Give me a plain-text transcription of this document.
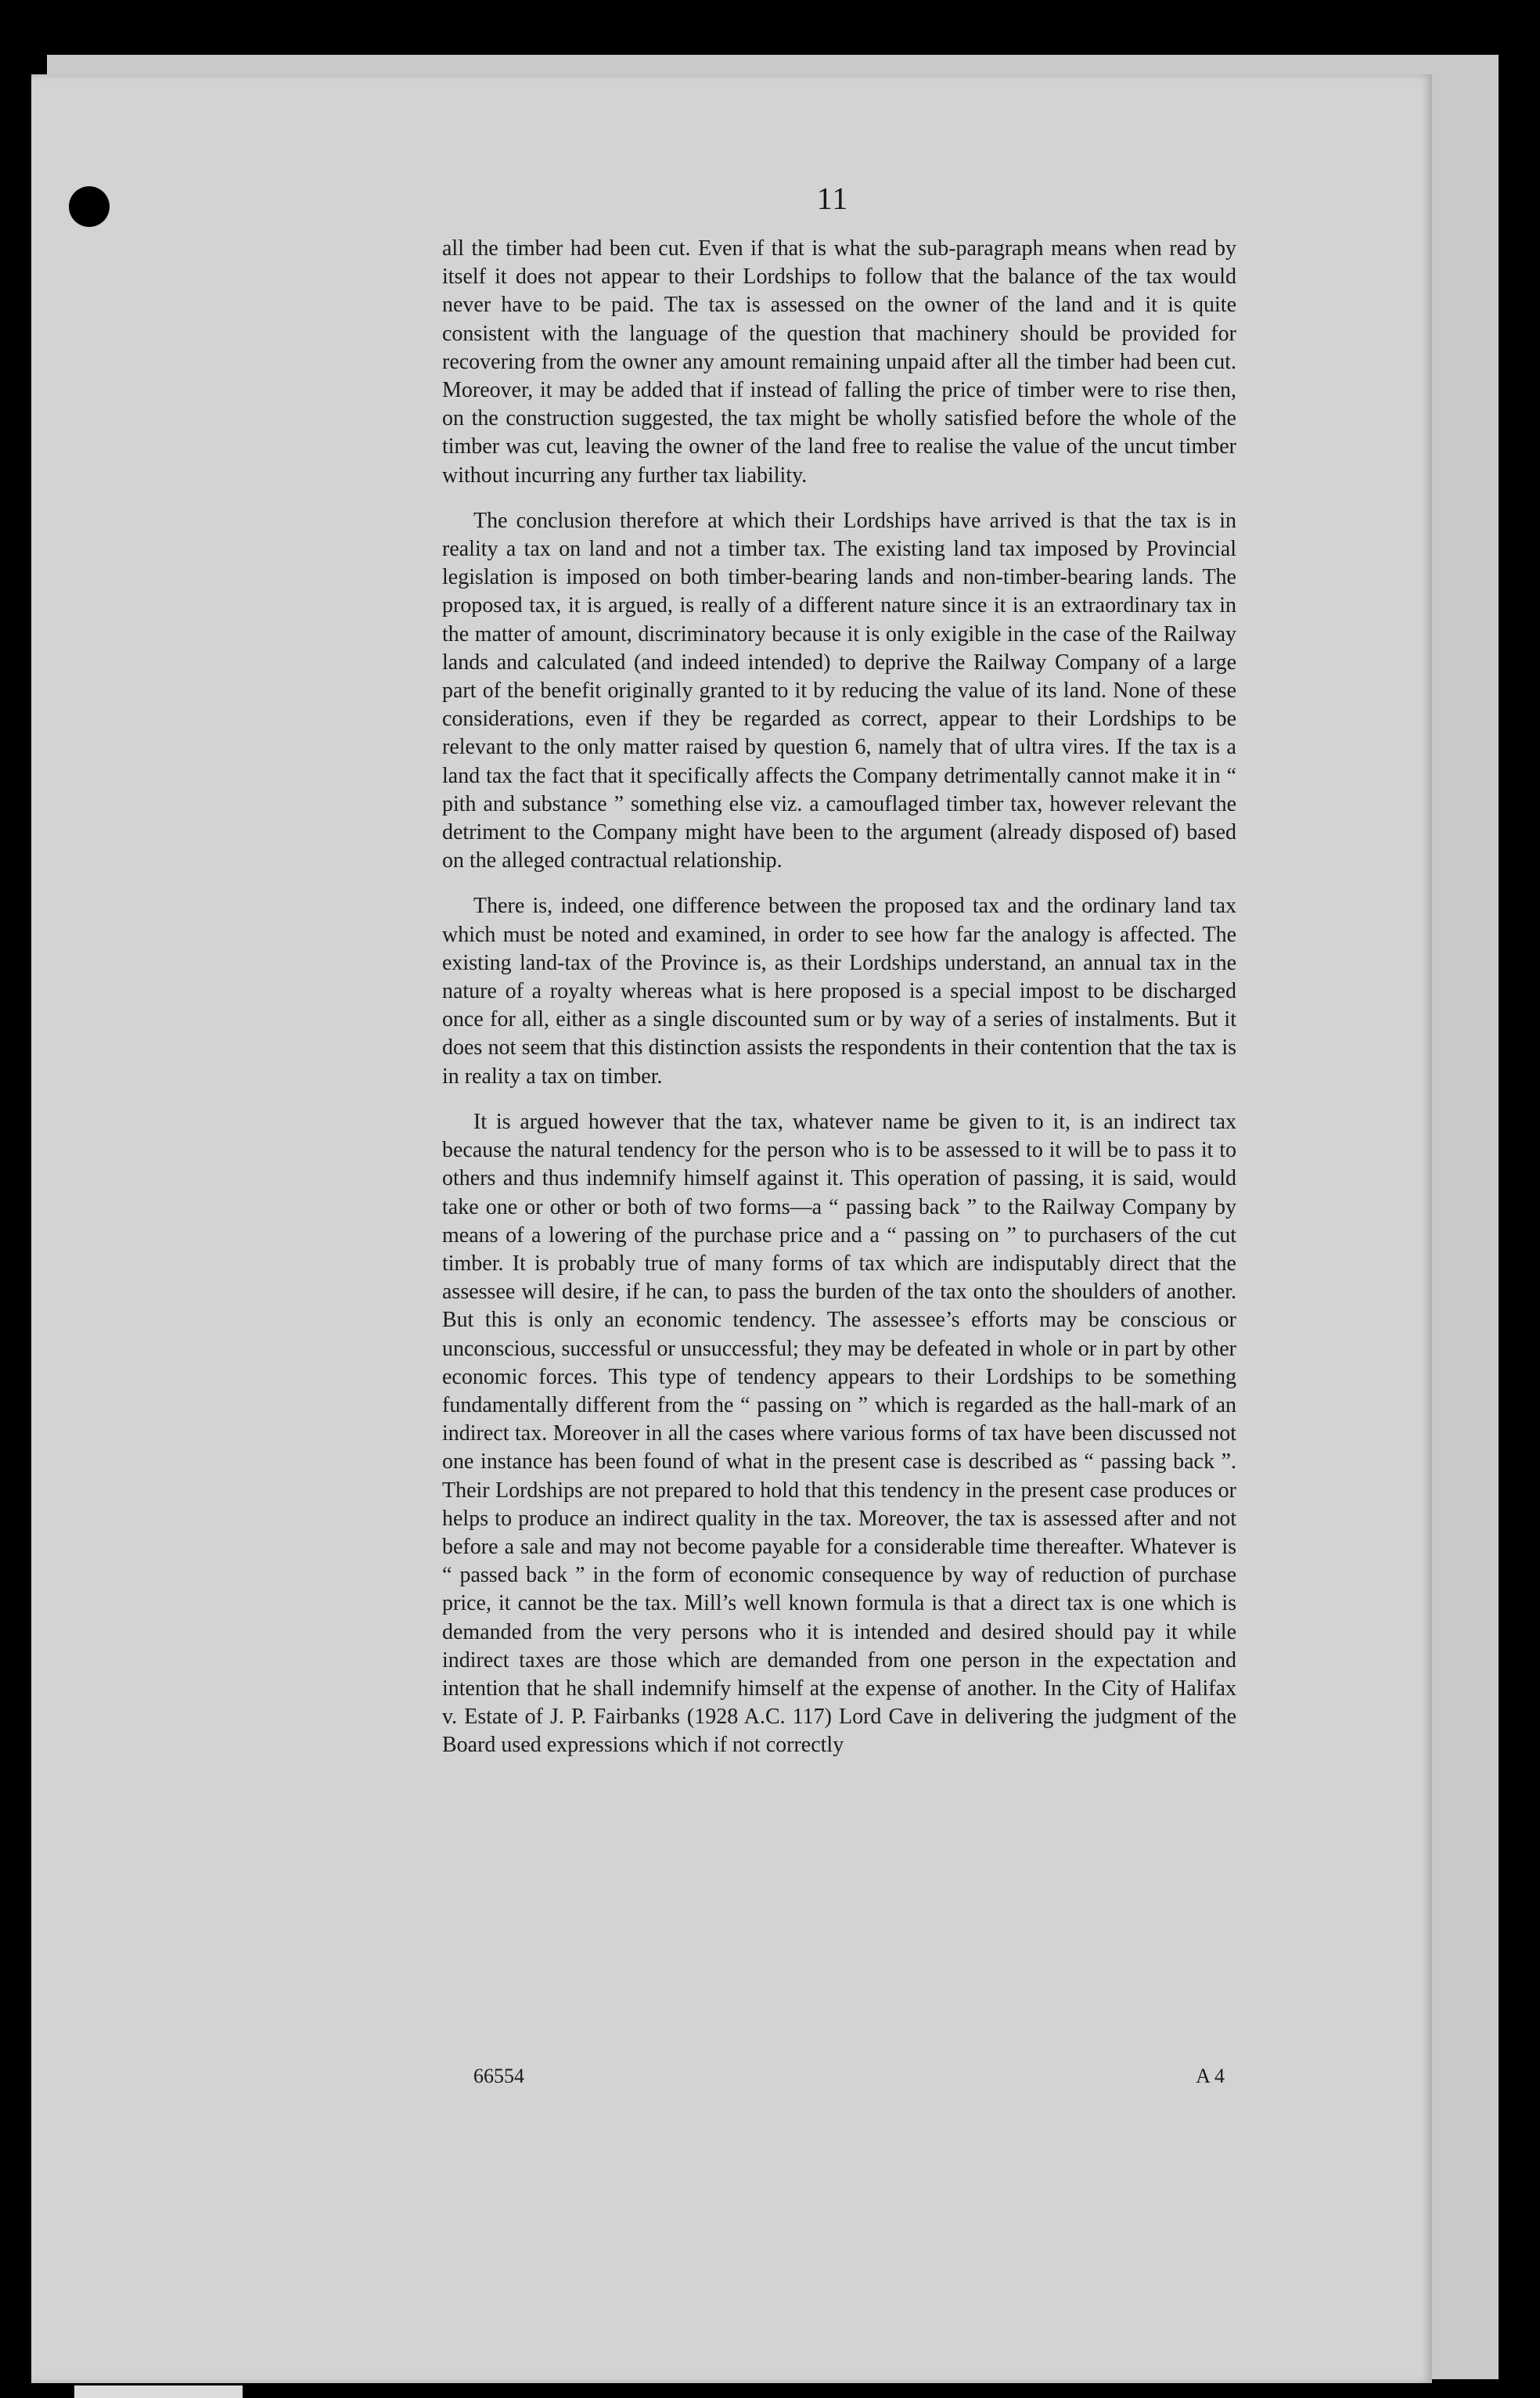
11

all the timber had been cut. Even if that is what the sub-paragraph means when read by itself it does not appear to their Lordships to follow that the balance of the tax would never have to be paid. The tax is assessed on the owner of the land and it is quite consistent with the language of the question that machinery should be provided for recovering from the owner any amount remaining unpaid after all the timber had been cut. Moreover, it may be added that if instead of falling the price of timber were to rise then, on the construction suggested, the tax might be wholly satisfied before the whole of the timber was cut, leaving the owner of the land free to realise the value of the uncut timber without incurring any further tax liability.

The conclusion therefore at which their Lordships have arrived is that the tax is in reality a tax on land and not a timber tax. The existing land tax imposed by Provincial legislation is imposed on both timber-bearing lands and non-timber-bearing lands. The proposed tax, it is argued, is really of a different nature since it is an extraordinary tax in the matter of amount, discriminatory because it is only exigible in the case of the Railway lands and calculated (and indeed intended) to deprive the Railway Company of a large part of the benefit originally granted to it by reducing the value of its land. None of these considerations, even if they be regarded as correct, appear to their Lordships to be relevant to the only matter raised by question 6, namely that of ultra vires. If the tax is a land tax the fact that it specifically affects the Company detrimentally cannot make it in “ pith and substance ” something else viz. a camouflaged timber tax, however relevant the detriment to the Company might have been to the argument (already disposed of) based on the alleged contractual relationship.

There is, indeed, one difference between the proposed tax and the ordinary land tax which must be noted and examined, in order to see how far the analogy is affected. The existing land-tax of the Province is, as their Lordships understand, an annual tax in the nature of a royalty whereas what is here proposed is a special impost to be discharged once for all, either as a single discounted sum or by way of a series of instalments. But it does not seem that this distinction assists the respondents in their contention that the tax is in reality a tax on timber.

It is argued however that the tax, whatever name be given to it, is an indirect tax because the natural tendency for the person who is to be assessed to it will be to pass it to others and thus indemnify himself against it. This operation of passing, it is said, would take one or other or both of two forms—a “ passing back ” to the Railway Company by means of a lowering of the purchase price and a “ passing on ” to purchasers of the cut timber. It is probably true of many forms of tax which are indisputably direct that the assessee will desire, if he can, to pass the burden of the tax onto the shoulders of another. But this is only an economic tendency. The assessee’s efforts may be conscious or unconscious, successful or unsuccessful; they may be defeated in whole or in part by other economic forces. This type of tendency appears to their Lordships to be something fundamentally different from the “ passing on ” which is regarded as the hall-mark of an indirect tax. Moreover in all the cases where various forms of tax have been discussed not one instance has been found of what in the present case is described as “ passing back ”. Their Lordships are not prepared to hold that this tendency in the present case produces or helps to produce an indirect quality in the tax. Moreover, the tax is assessed after and not before a sale and may not become payable for a considerable time thereafter. Whatever is “ passed back ” in the form of economic consequence by way of reduction of purchase price, it cannot be the tax. Mill’s well known formula is that a direct tax is one which is demanded from the very persons who it is intended and desired should pay it while indirect taxes are those which are demanded from one person in the expectation and intention that he shall indemnify himself at the expense of another. In the City of Halifax v. Estate of J. P. Fairbanks (1928 A.C. 117) Lord Cave in delivering the judgment of the Board used expressions which if not correctly

66554	A 4
